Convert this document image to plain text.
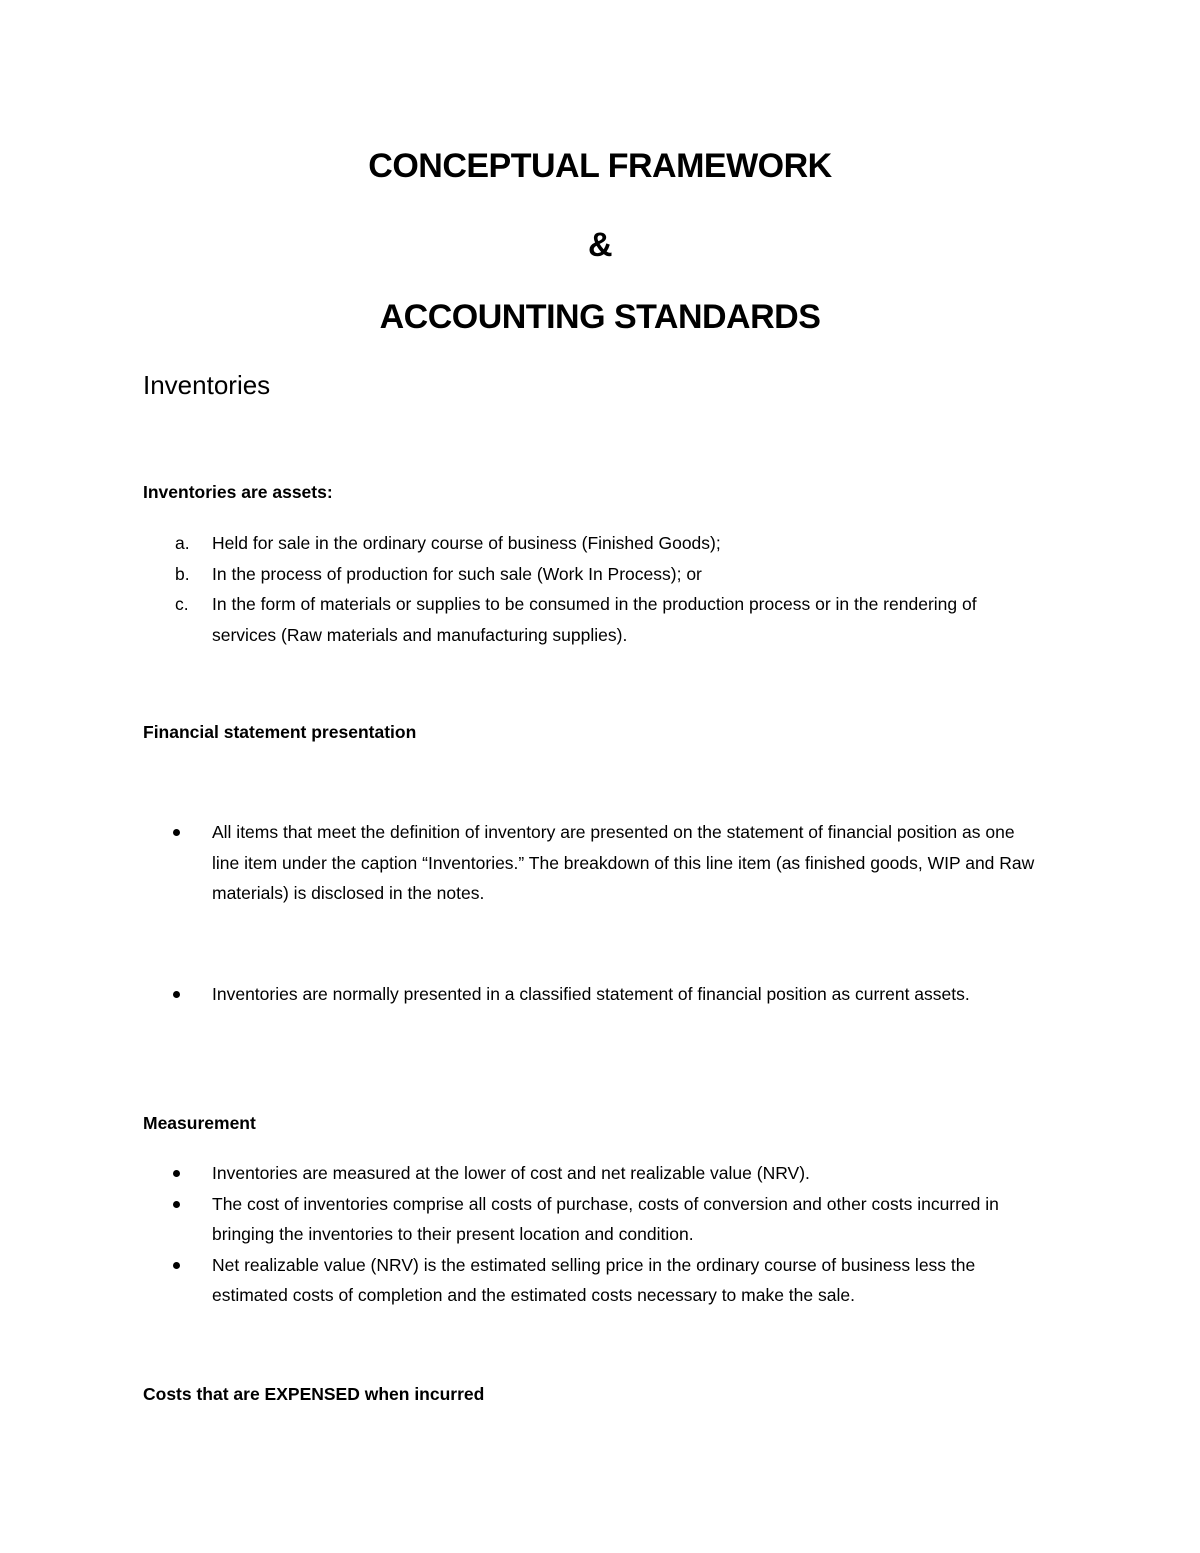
CONCEPTUAL FRAMEWORK
&
ACCOUNTING STANDARDS
Inventories
Inventories are assets:
a. Held for sale in the ordinary course of business (Finished Goods);
b. In the process of production for such sale (Work In Process); or
c. In the form of materials or supplies to be consumed in the production process or in the rendering of services (Raw materials and manufacturing supplies).
Financial statement presentation
All items that meet the definition of inventory are presented on the statement of financial position as one line item under the caption “Inventories.” The breakdown of this line item (as finished goods, WIP and Raw materials) is disclosed in the notes.
Inventories are normally presented in a classified statement of financial position as current assets.
Measurement
Inventories are measured at the lower of cost and net realizable value (NRV).
The cost of inventories comprise all costs of purchase, costs of conversion and other costs incurred in bringing the inventories to their present location and condition.
Net realizable value (NRV) is the estimated selling price in the ordinary course of business less the estimated costs of completion and the estimated costs necessary to make the sale.
Costs that are EXPENSED when incurred
